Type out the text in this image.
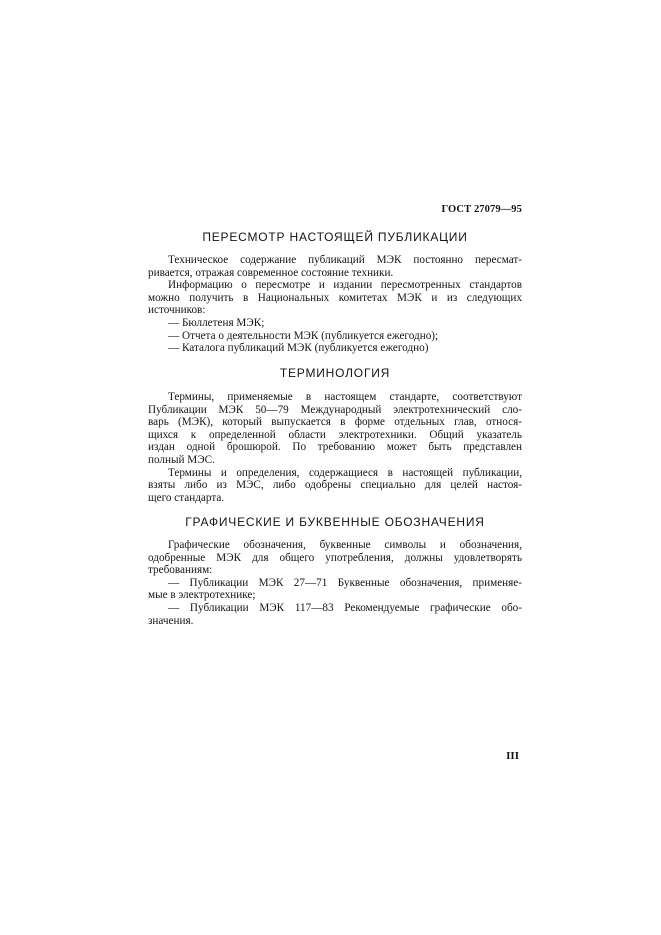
ГОСТ 27079—95
ПЕРЕСМОТР НАСТОЯЩЕЙ ПУБЛИКАЦИИ
Техническое содержание публикаций МЭК постоянно пересмат-
ривается, отражая современное состояние техники.
Информацию о пересмотре и издании пересмотренных стандартов
можно получить в Национальных комитетах МЭК и из следующих
источников:
— Бюллетеня МЭК;
— Отчета о деятельности МЭК (публикуется ежегодно);
— Каталога публикаций МЭК (публикуется ежегодно)
ТЕРМИНОЛОГИЯ
Термины, применяемые в настоящем стандарте, соответствуют
Публикации МЭК 50—79 Международный электротехнический сло-
варь (МЭК), который выпускается в форме отдельных глав, относя-
щихся к определенной области электротехники. Общий указатель
издан одной брошюрой. По требованию может быть представлен
полный МЭС.
Термины и определения, содержащиеся в настоящей публикации,
взяты либо из МЭС, либо одобрены специально для целей настоя-
щего стандарта.
ГРАФИЧЕСКИЕ И БУКВЕННЫЕ ОБОЗНАЧЕНИЯ
Графические обозначения, буквенные символы и обозначения,
одобренные МЭК для общего употребления, должны удовлетворять
требованиям:
— Публикации МЭК 27—71 Буквенные обозначения, применяе-
мые в электротехнике;
— Публикации МЭК 117—83 Рекомендуемые графические обо-
значения.
III
